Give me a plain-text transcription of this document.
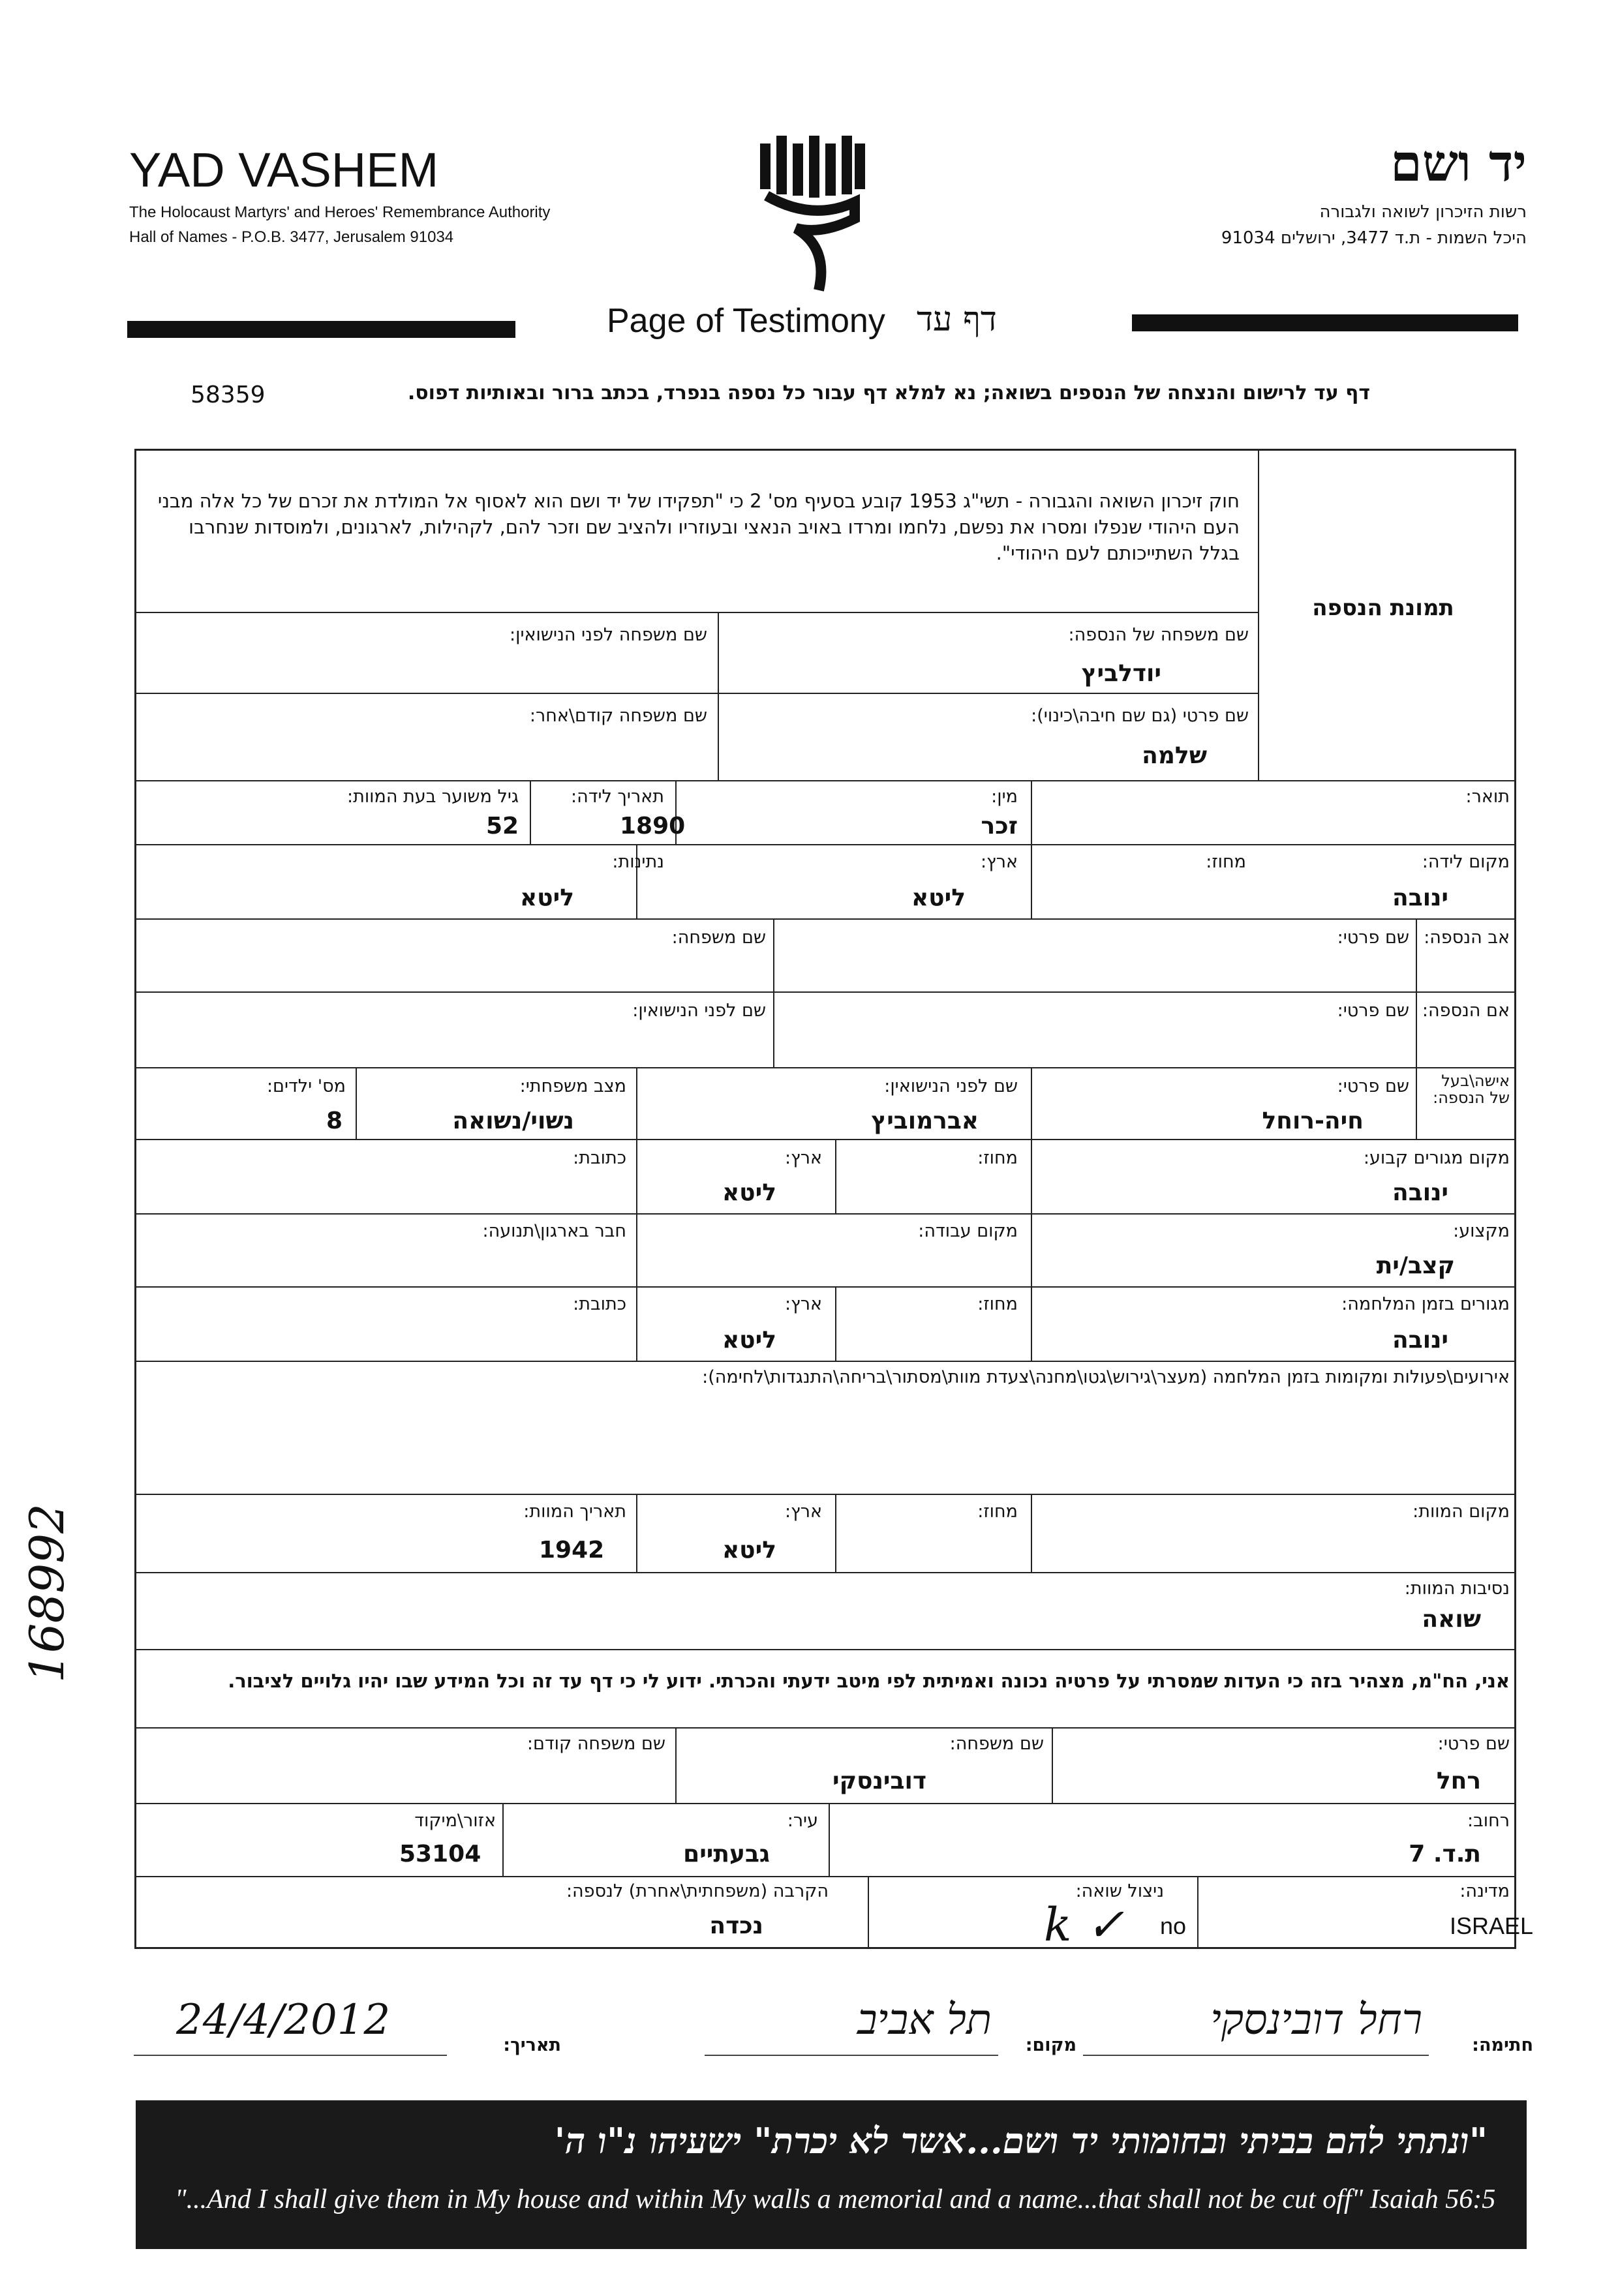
YAD VASHEM
The Holocaust Martyrs' and Heroes' Remembrance Authority
Hall of Names - P.O.B. 3477, Jerusalem 91034
יד ושם
רשות הזיכרון לשואה ולגבורה
היכל השמות - ת.ד 3477, ירושלים 91034
Page of Testimony דף עד
דף עד לרישום והנצחה של הנספים בשואה; נא למלא דף עבור כל נספה בנפרד, בכתב ברור ובאותיות דפוס.
58359
תמונת הנספה
חוק זיכרון השואה והגבורה - תשי"ג 1953 קובע בסעיף מס' 2 כי "תפקידו של יד ושם הוא לאסוף אל המולדת את זכרם של כל אלה מבני העם היהודי שנפלו ומסרו את נפשם, נלחמו ומרדו באויב הנאצי ובעוזריו ולהציב שם וזכר להם, לקהילות, לארגונים, ולמוסדות שנחרבו בגלל השתייכותם לעם היהודי".
שם משפחה של הנספה:
שם משפחה לפני הנישואין:
יודלביץ
שם פרטי (גם שם חיבה\כינוי):
שם משפחה קודם\אחר:
שלמה
תואר:
מין:
תאריך לידה:
גיל משוער בעת המוות:
זכר
1890
52
מקום לידה:
מחוז:
ארץ:
נתינות:
ינובה
ליטא
ליטא
אב הנספה:
שם פרטי:
שם משפחה:
אם הנספה:
שם פרטי:
שם לפני הנישואין:
אישה\בעל של הנספה:
שם פרטי:
שם לפני הנישואין:
מצב משפחתי:
מס' ילדים:
חיה-רוחל
אברמוביץ
נשוי/נשואה
8
מקום מגורים קבוע:
מחוז:
ארץ:
כתובת:
ינובה
ליטא
מקצוע:
מקום עבודה:
חבר בארגון\תנועה:
קצב/ית
מגורים בזמן המלחמה:
מחוז:
ארץ:
כתובת:
ינובה
ליטא
אירועים\פעולות ומקומות בזמן המלחמה (מעצר\גירוש\גטו\מחנה\צעדת מוות\מסתור\בריחה\התנגדות\לחימה):
מקום המוות:
מחוז:
ארץ:
תאריך המוות:
ליטא
1942
נסיבות המוות:
שואה
אני, הח"מ, מצהיר בזה כי העדות שמסרתי על פרטיה נכונה ואמיתית לפי מיטב ידעתי והכרתי. ידוע לי כי דף עד זה וכל המידע שבו יהיו גלויים לציבור.
שם פרטי:
שם משפחה:
שם משפחה קודם:
רחל
דובינסקי
רחוב:
עיר:
אזור\מיקוד
ת.ד. 7
גבעתיים
53104
מדינה:
ניצול שואה:
הקרבה (משפחתית\אחרת) לנספה:
ISRAEL
no
נכדה	k ✓
168992
חתימה:
רחל דובינסקי
מקום:
תל אביב
תאריך:
24/4/2012
"ונתתי להם בביתי ובחומותי יד ושם...אשר לא יכרת" ישעיהו נ"ו ה'
"...And I shall give them in My house and within My walls a memorial and a name...that shall not be cut off" Isaiah 56:5
